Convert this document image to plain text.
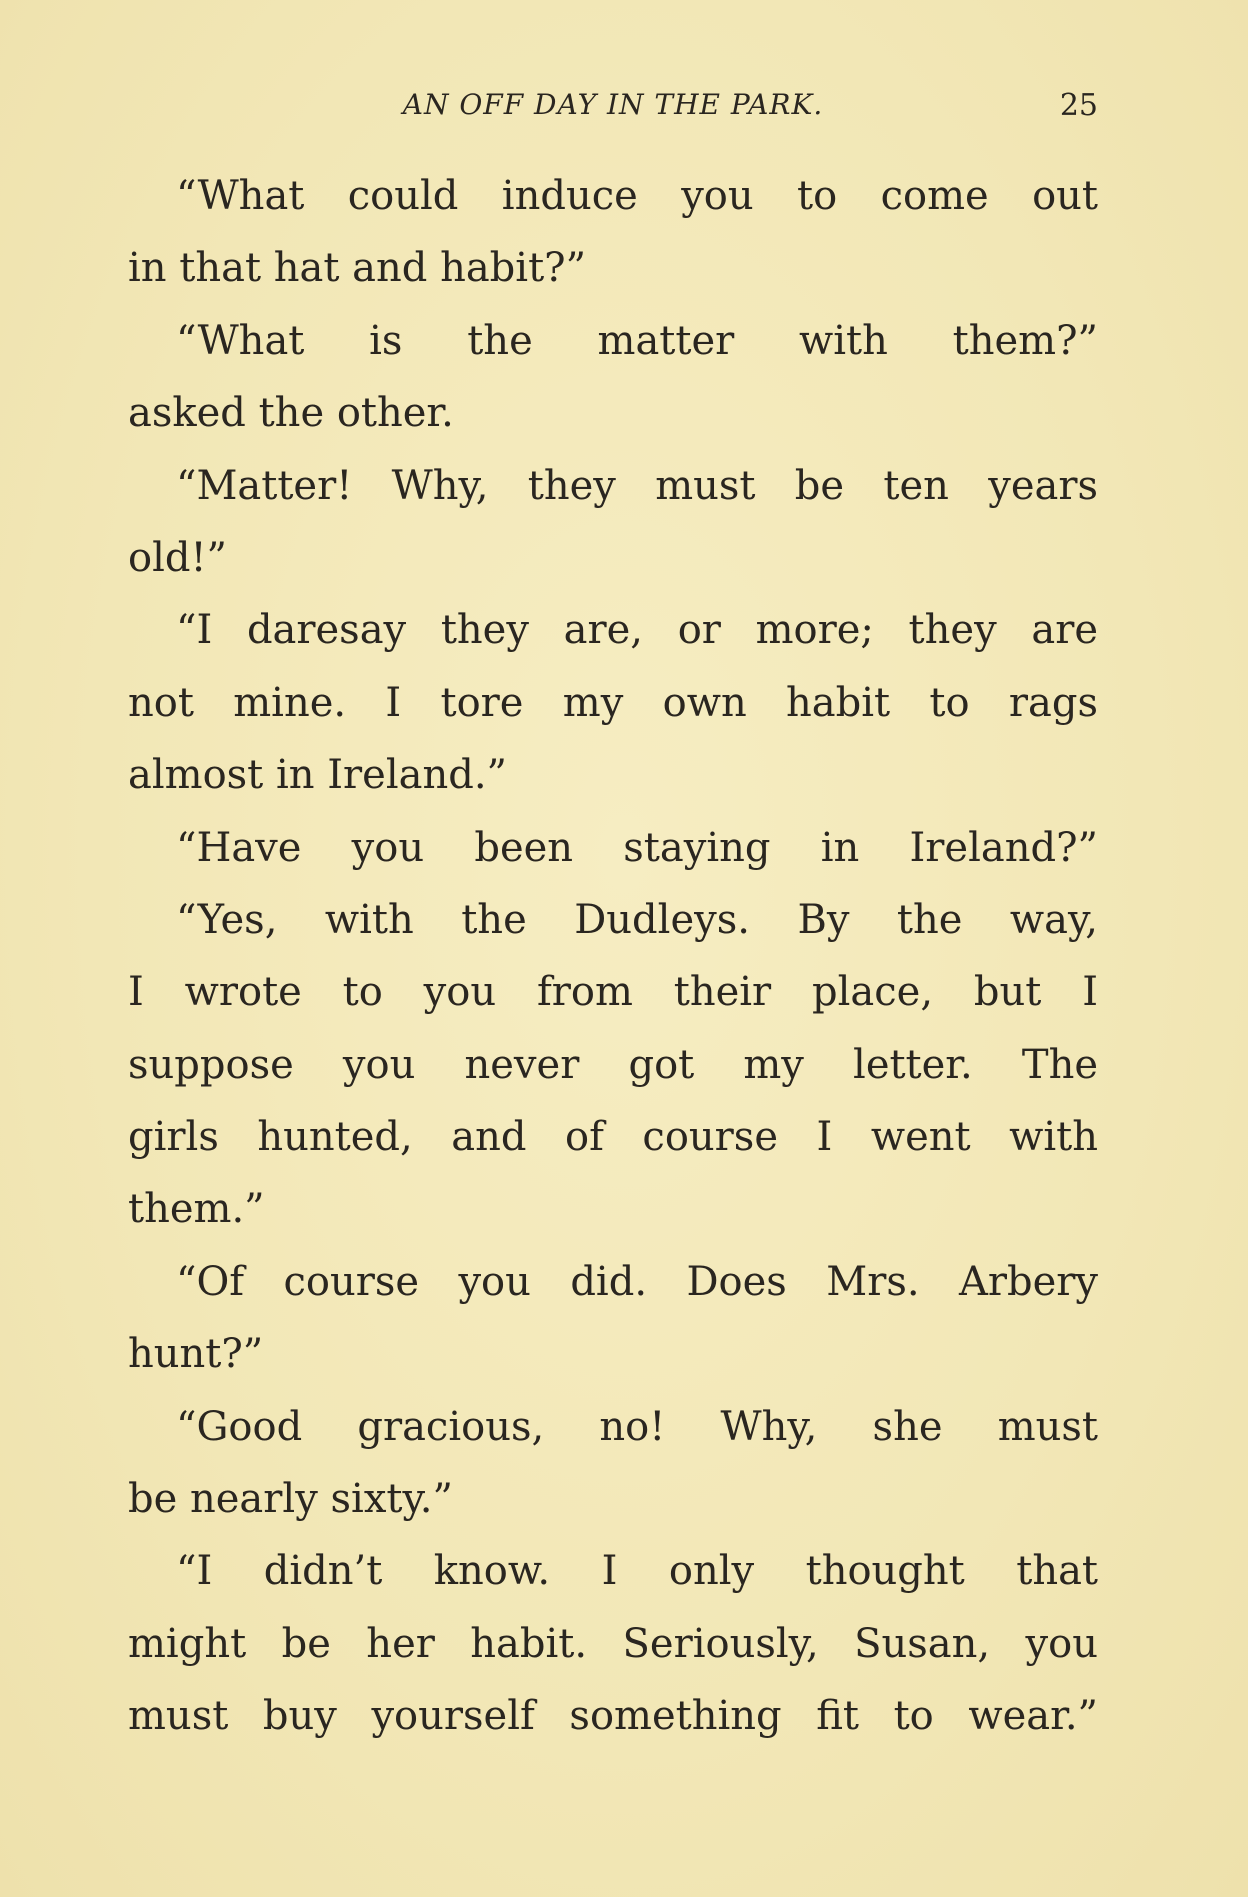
AN OFF DAY IN THE PARK.	25
“What could induce you to come out
in that hat and habit?”
“What is the matter with them?”
asked the other.
“Matter! Why, they must be ten years
old!”
“I daresay they are, or more; they are
not mine. I tore my own habit to rags
almost in Ireland.”
“Have you been staying in Ireland?”
“Yes, with the Dudleys. By the way,
I wrote to you from their place, but I
suppose you never got my letter. The
girls hunted, and of course I went with
them.”
“Of course you did. Does Mrs. Arbery
hunt?”
“Good gracious, no! Why, she must
be nearly sixty.”
“I didn’t know. I only thought that
might be her habit. Seriously, Susan, you
must buy yourself something fit to wear.”
